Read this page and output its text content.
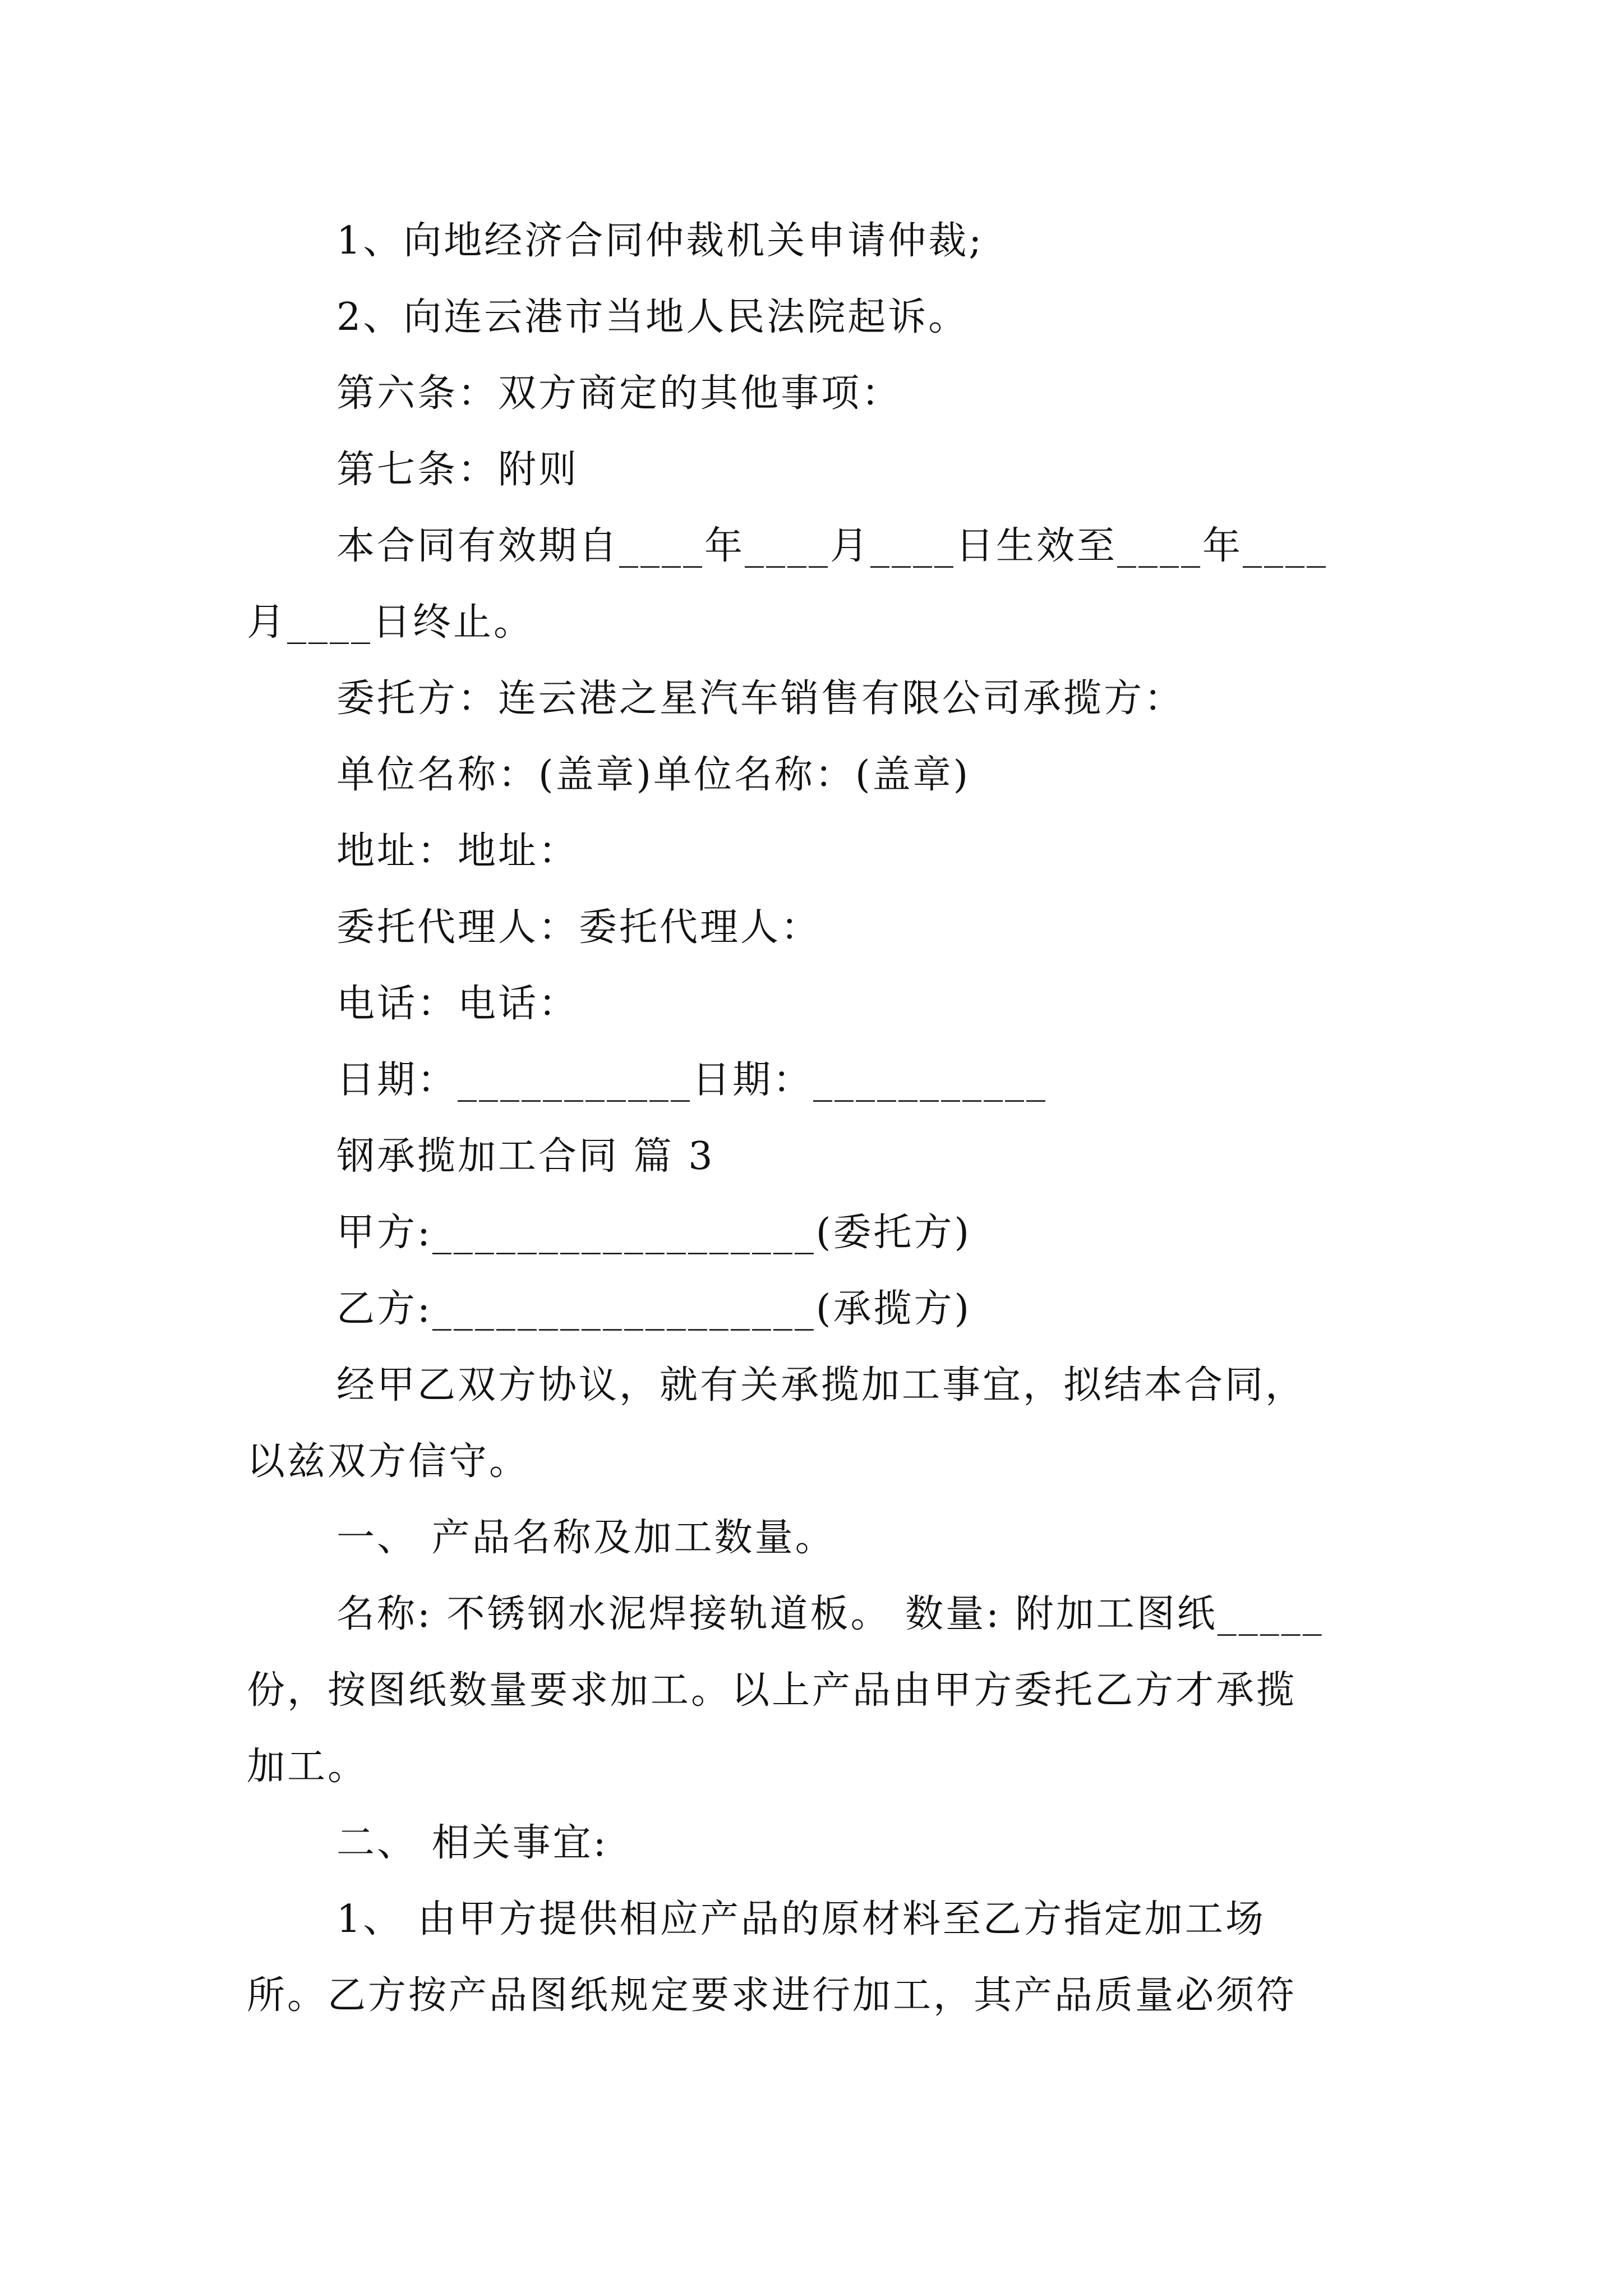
1、向地经济合同仲裁机关申请仲裁;
2、向连云港市当地人民法院起诉。
第六条：双方商定的其他事项：
第七条：附则
本合同有效期自____年____月____日生效至____年____
月____日终止。
委托方：连云港之星汽车销售有限公司承揽方：
单位名称：(盖章)单位名称：(盖章)
地址：地址：
委托代理人：委托代理人：
电话：电话：
日期：___________日期：___________
钢承揽加工合同 篇 3
甲方:__________________(委托方)
乙方:__________________(承揽方)
经甲乙双方协议，就有关承揽加工事宜，拟结本合同，
以兹双方信守。
一、 产品名称及加工数量。
名称: 不锈钢水泥焊接轨道板。 数量: 附加工图纸_____
份，按图纸数量要求加工。以上产品由甲方委托乙方才承揽
加工。
二、 相关事宜:
1、 由甲方提供相应产品的原材料至乙方指定加工场
所。乙方按产品图纸规定要求进行加工，其产品质量必须符
